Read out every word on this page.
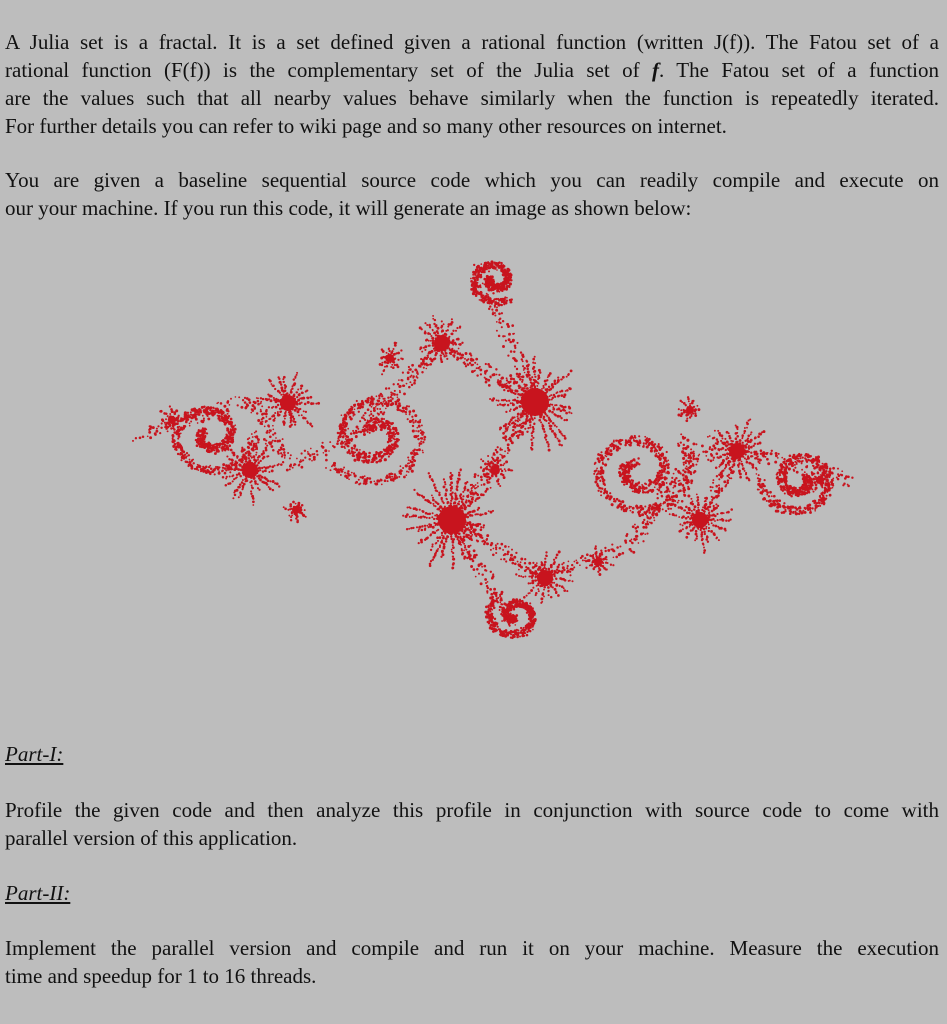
A Julia set is a fractal. It is a set defined given a rational function (written J(f)). The Fatou set of a
rational function (F(f)) is the complementary set of the Julia set of f. The Fatou set of a function
are the values such that all nearby values behave similarly when the function is repeatedly iterated.
For further details you can refer to wiki page and so many other resources on internet.
You are given a baseline sequential source code which you can readily compile and execute on
our your machine. If you run this code, it will generate an image as shown below:
Part-I:
Profile the given code and then analyze this profile in conjunction with source code to come with
parallel version of this application.
Part-II:
Implement the parallel version and compile and run it on your machine. Measure the execution
time and speedup for 1 to 16 threads.
